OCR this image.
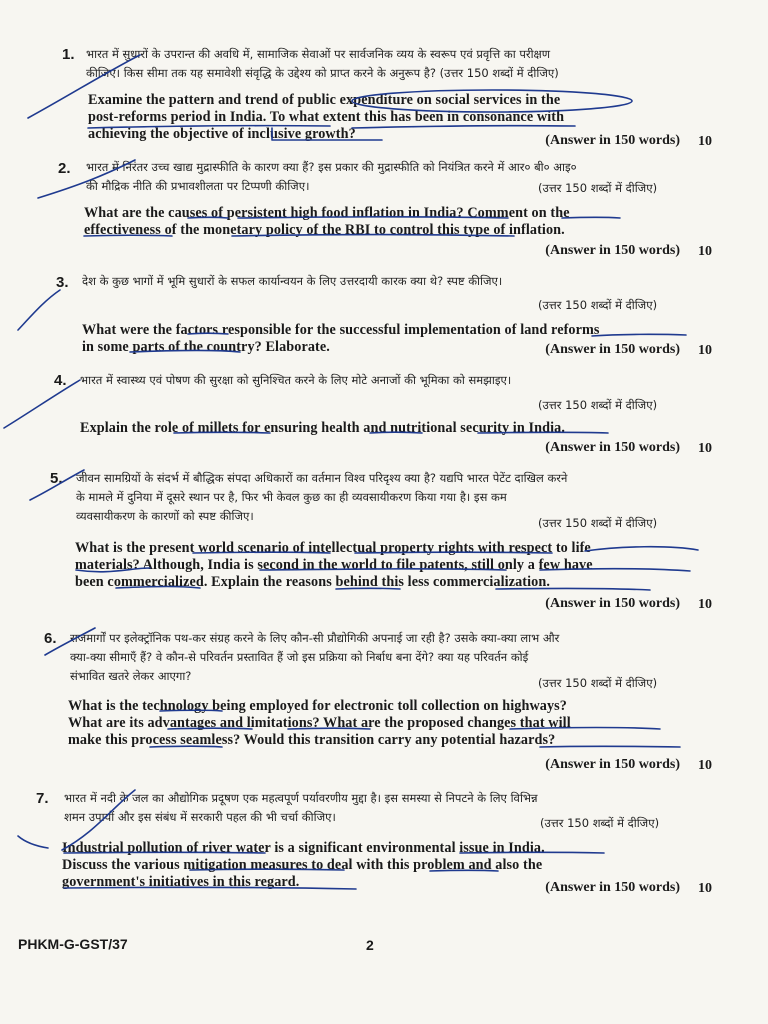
1. भारत में सुधारों के उपरान्त की अवधि में, सामाजिक सेवाओं पर सार्वजनिक व्यय के स्वरूप एवं प्रवृत्ति का परीक्षण
कीजिए। किस सीमा तक यह समावेशी संवृद्धि के उद्देश्य को प्राप्त करने के अनुरूप है? (उत्तर 150 शब्दों में दीजिए)
Examine the pattern and trend of public expenditure on social services in the
post-reforms period in India. To what extent this has been in consonance with
achieving the objective of inclusive growth?	(Answer in 150 words) 10
2. भारत में निरंतर उच्च खाद्य मुद्रास्फीति के कारण क्या हैं? इस प्रकार की मुद्रास्फीति को नियंत्रित करने में आर० बी० आइ०
की मौद्रिक नीति की प्रभावशीलता पर टिप्पणी कीजिए।	(उत्तर 150 शब्दों में दीजिए)
What are the causes of persistent high food inflation in India? Comment on the
effectiveness of the monetary policy of the RBI to control this type of inflation.
(Answer in 150 words) 10
3. देश के कुछ भागों में भूमि सुधारों के सफल कार्यान्वयन के लिए उत्तरदायी कारक क्या थे? स्पष्ट कीजिए।
(उत्तर 150 शब्दों में दीजिए)
What were the factors responsible for the successful implementation of land reforms
in some parts of the country? Elaborate.	(Answer in 150 words) 10
4. भारत में स्वास्थ्य एवं पोषण की सुरक्षा को सुनिश्चित करने के लिए मोटे अनाजों की भूमिका को समझाइए।
(उत्तर 150 शब्दों में दीजिए)
Explain the role of millets for ensuring health and nutritional security in India.
(Answer in 150 words) 10
5. जीवन सामग्रियों के संदर्भ में बौद्धिक संपदा अधिकारों का वर्तमान विश्व परिदृश्य क्या है? यद्यपि भारत पेटेंट दाखिल करने
के मामले में दुनिया में दूसरे स्थान पर है, फिर भी केवल कुछ का ही व्यवसायीकरण किया गया है। इस कम
व्यवसायीकरण के कारणों को स्पष्ट कीजिए।	(उत्तर 150 शब्दों में दीजिए)
What is the present world scenario of intellectual property rights with respect to life
materials? Although, India is second in the world to file patents, still only a few have
been commercialized. Explain the reasons behind this less commercialization.
(Answer in 150 words) 10
6. राजमार्गों पर इलेक्ट्रॉनिक पथ-कर संग्रह करने के लिए कौन-सी प्रौद्योगिकी अपनाई जा रही है? उसके क्या-क्या लाभ और
क्या-क्या सीमाएँ हैं? वे कौन-से परिवर्तन प्रस्तावित हैं जो इस प्रक्रिया को निर्बाध बना देंगे? क्या यह परिवर्तन कोई
संभावित खतरे लेकर आएगा?	(उत्तर 150 शब्दों में दीजिए)
What is the technology being employed for electronic toll collection on highways?
What are its advantages and limitations? What are the proposed changes that will
make this process seamless? Would this transition carry any potential hazards?
(Answer in 150 words) 10
7. भारत में नदी के जल का औद्योगिक प्रदूषण एक महत्वपूर्ण पर्यावरणीय मुद्दा है। इस समस्या से निपटने के लिए विभिन्न
शमन उपायों और इस संबंध में सरकारी पहल की भी चर्चा कीजिए।	(उत्तर 150 शब्दों में दीजिए)
Industrial pollution of river water is a significant environmental issue in India.
Discuss the various mitigation measures to deal with this problem and also the
government's initiatives in this regard.	(Answer in 150 words) 10
PHKM-G-GST/37	2
